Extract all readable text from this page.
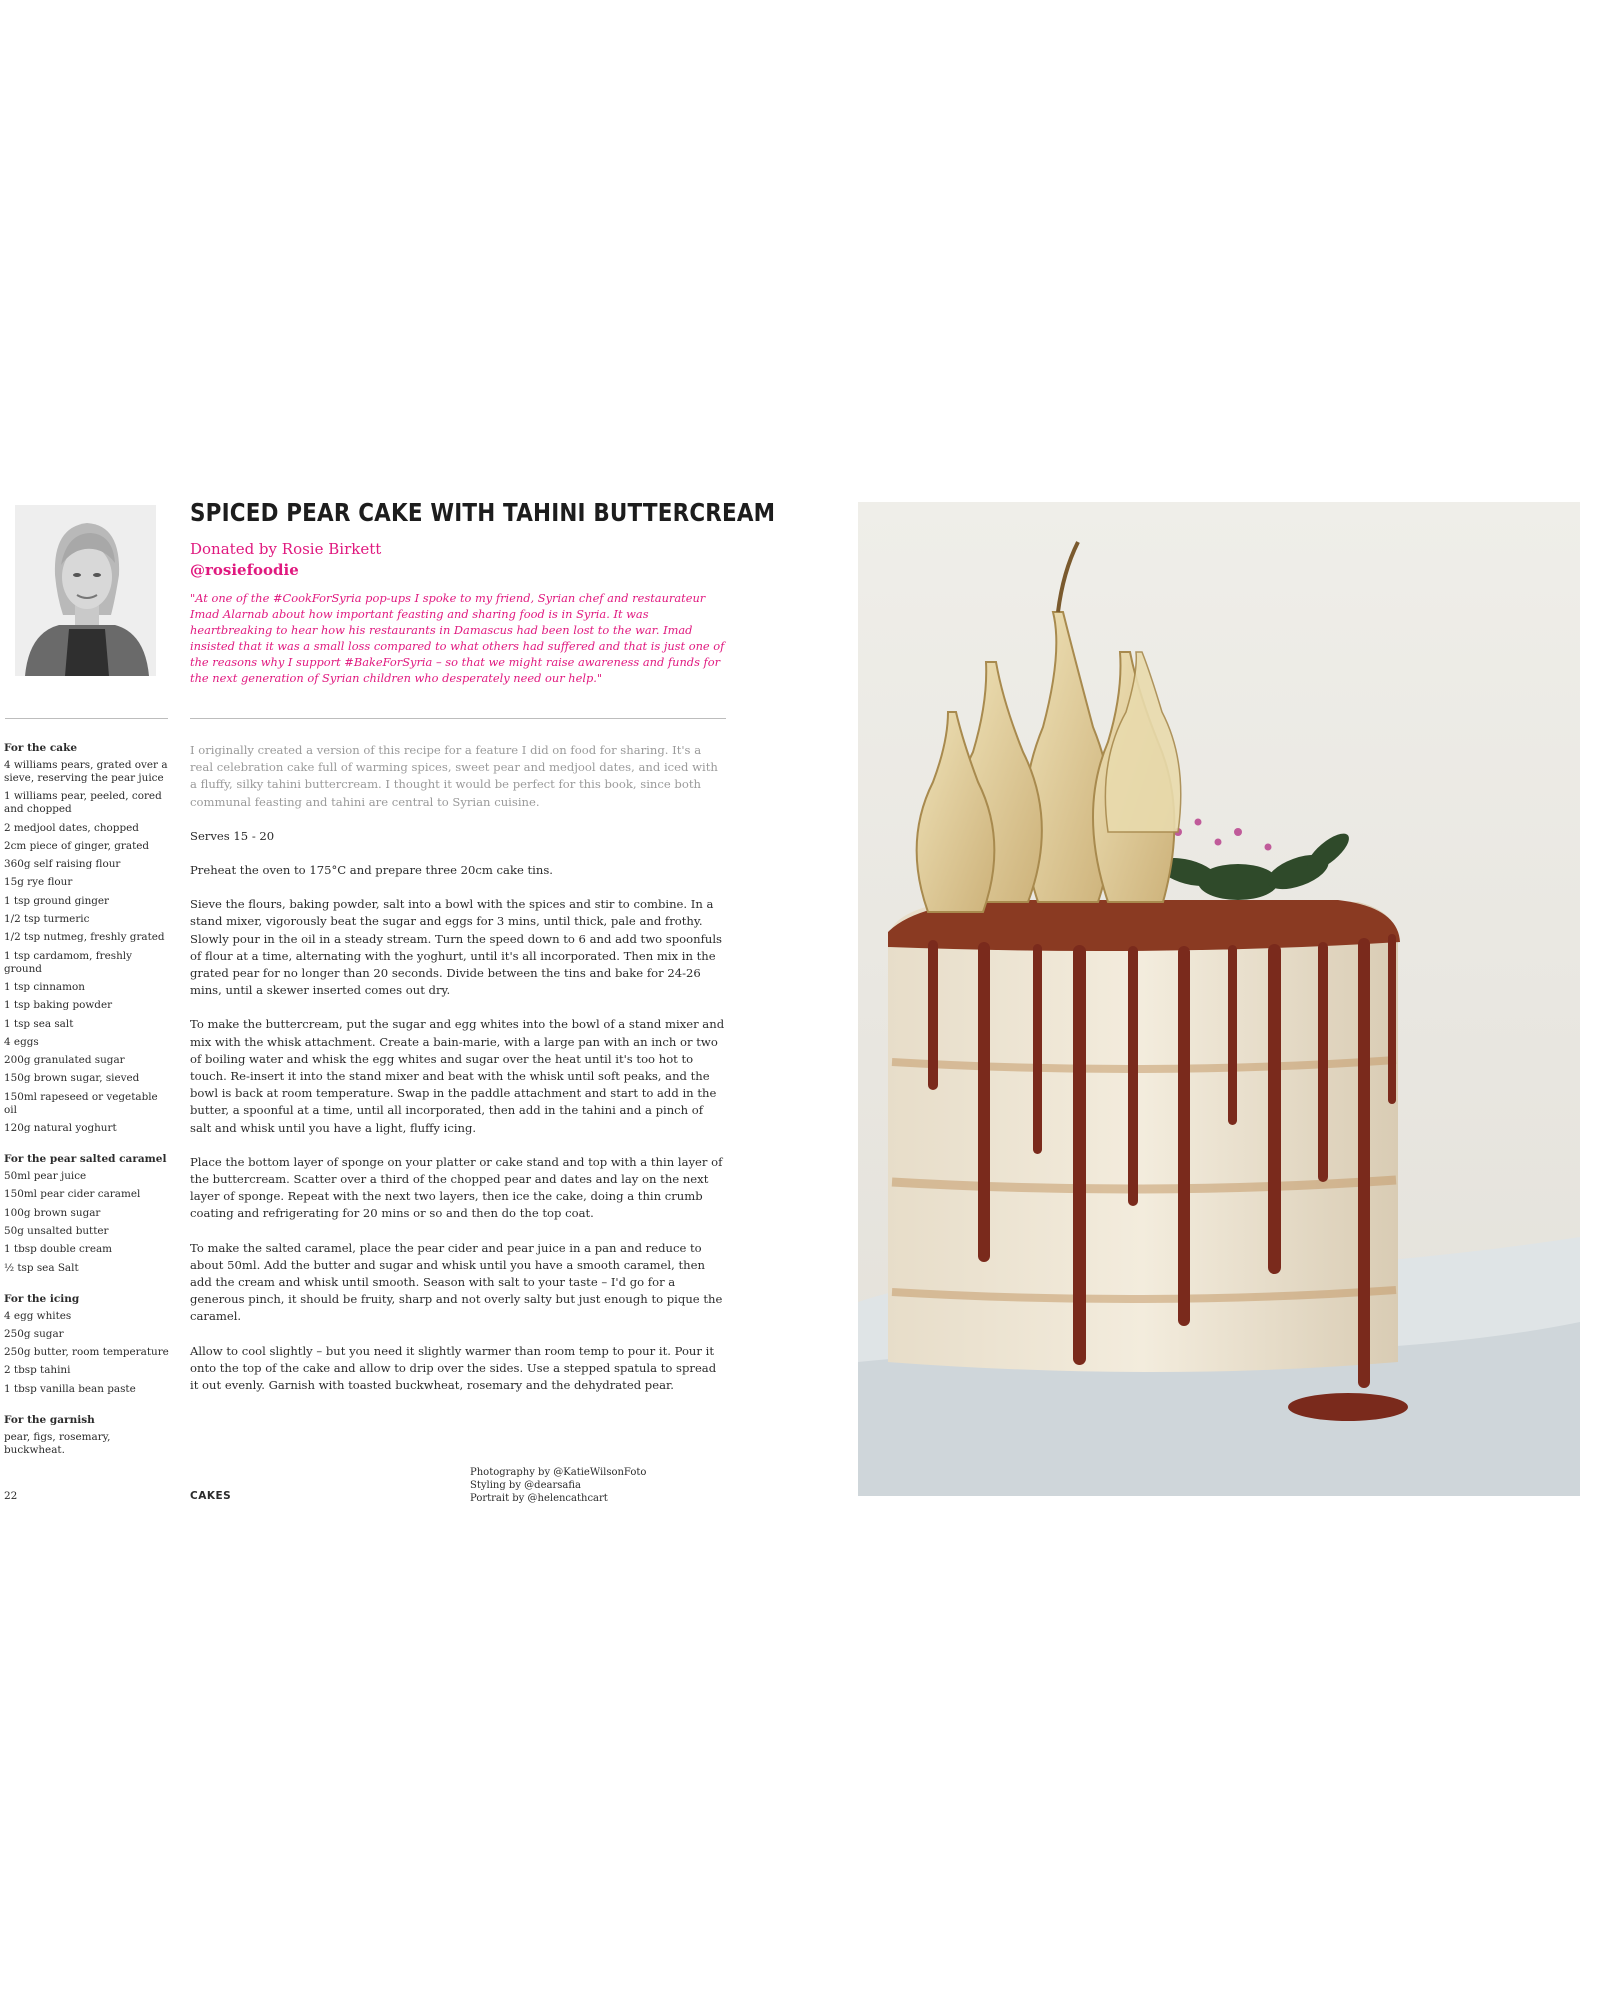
SPICED PEAR CAKE WITH TAHINI BUTTERCREAM
Donated by Rosie Birkett
@rosiefoodie
"At one of the #CookForSyria pop-ups I spoke to my friend, Syrian chef and restaurateur Imad Alarnab about how important feasting and sharing food is in Syria. It was heartbreaking to hear how his restaurants in Damascus had been lost to the war. Imad insisted that it was a small loss compared to what others had suffered and that is just one of the reasons why I support #BakeForSyria – so that we might raise awareness and funds for the next generation of Syrian children who desperately need our help."
For the cake
4 williams pears, grated over a sieve, reserving the pear juice
1 williams pear, peeled, cored and chopped
2 medjool dates, chopped
2cm piece of ginger, grated
360g self raising flour
15g rye flour
1 tsp ground ginger
1/2 tsp turmeric
1/2 tsp nutmeg, freshly grated
1 tsp cardamom, freshly ground
1 tsp cinnamon
1 tsp baking powder
1 tsp sea salt
4 eggs
200g granulated sugar
150g brown sugar, sieved
150ml rapeseed or vegetable oil
120g natural yoghurt
For the pear salted caramel
50ml pear juice
150ml pear cider caramel
100g brown sugar
50g unsalted butter
1 tbsp double cream
½ tsp sea Salt
For the icing
4 egg whites
250g sugar
250g butter, room temperature
2 tbsp tahini
1 tbsp vanilla bean paste
For the garnish
pear, figs, rosemary, buckwheat.

I originally created a version of this recipe for a feature I did on food for sharing. It's a real celebration cake full of warming spices, sweet pear and medjool dates, and iced with a fluffy, silky tahini buttercream. I thought it would be perfect for this book, since both communal feasting and tahini are central to Syrian cuisine.

Serves 15 - 20

Preheat the oven to 175°C and prepare three 20cm cake tins.

Sieve the flours, baking powder, salt into a bowl with the spices and stir to combine. In a stand mixer, vigorously beat the sugar and eggs for 3 mins, until thick, pale and frothy. Slowly pour in the oil in a steady stream. Turn the speed down to 6 and add two spoonfuls of flour at a time, alternating with the yoghurt, until it's all incorporated. Then mix in the grated pear for no longer than 20 seconds. Divide between the tins and bake for 24-26 mins, until a skewer inserted comes out dry.

To make the buttercream, put the sugar and egg whites into the bowl of a stand mixer and mix with the whisk attachment. Create a bain-marie, with a large pan with an inch or two of boiling water and whisk the egg whites and sugar over the heat until it's too hot to touch. Re-insert it into the stand mixer and beat with the whisk until soft peaks, and the bowl is back at room temperature. Swap in the paddle attachment and start to add in the butter, a spoonful at a time, until all incorporated, then add in the tahini and a pinch of salt and whisk until you have a light, fluffy icing.

Place the bottom layer of sponge on your platter or cake stand and top with a thin layer of the buttercream. Scatter over a third of the chopped pear and dates and lay on the next layer of sponge. Repeat with the next two layers, then ice the cake, doing a thin crumb coating and refrigerating for 20 mins or so and then do the top coat.

To make the salted caramel, place the pear cider and pear juice in a pan and reduce to about 50ml. Add the butter and sugar and whisk until you have a smooth caramel, then add the cream and whisk until smooth. Season with salt to your taste – I'd go for a generous pinch, it should be fruity, sharp and not overly salty but just enough to pique the caramel.

Allow to cool slightly – but you need it slightly warmer than room temp to pour it. Pour it onto the top of the cake and allow to drip over the sides. Use a stepped spatula to spread it out evenly. Garnish with toasted buckwheat, rosemary and the dehydrated pear.

22	CAKES
Photography by @KatieWilsonFoto
Styling by @dearsafia
Portrait by @helencathcart
